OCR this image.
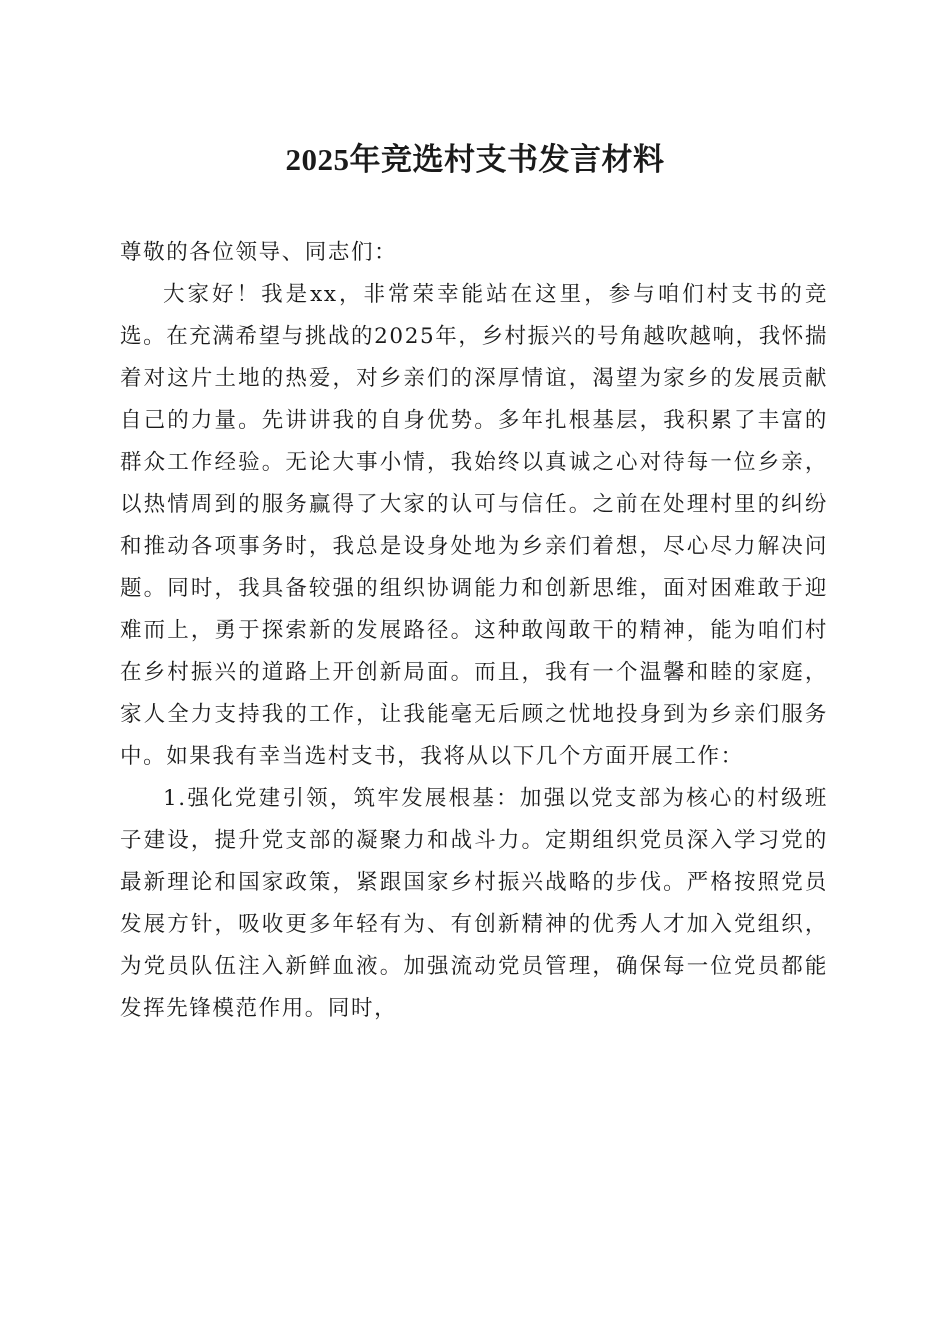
2025年竞选村支书发言材料

尊敬的各位领导、同志们：

大家好！我是xx，非常荣幸能站在这里，参与咱们村支书的竞选。在充满希望与挑战的2025年，乡村振兴的号角越吹越响，我怀揣着对这片土地的热爱，对乡亲们的深厚情谊，渴望为家乡的发展贡献自己的力量。先讲讲我的自身优势。多年扎根基层，我积累了丰富的群众工作经验。无论大事小情，我始终以真诚之心对待每一位乡亲，以热情周到的服务赢得了大家的认可与信任。之前在处理村里的纠纷和推动各项事务时，我总是设身处地为乡亲们着想，尽心尽力解决问题。同时，我具备较强的组织协调能力和创新思维，面对困难敢于迎难而上，勇于探索新的发展路径。这种敢闯敢干的精神，能为咱们村在乡村振兴的道路上开创新局面。而且，我有一个温馨和睦的家庭，家人全力支持我的工作，让我能毫无后顾之忧地投身到为乡亲们服务中。如果我有幸当选村支书，我将从以下几个方面开展工作：

1.强化党建引领，筑牢发展根基：加强以党支部为核心的村级班子建设，提升党支部的凝聚力和战斗力。定期组织党员深入学习党的最新理论和国家政策，紧跟国家乡村振兴战略的步伐。严格按照党员发展方针，吸收更多年轻有为、有创新精神的优秀人才加入党组织，为党员队伍注入新鲜血液。加强流动党员管理，确保每一位党员都能发挥先锋模范作用。同时，
